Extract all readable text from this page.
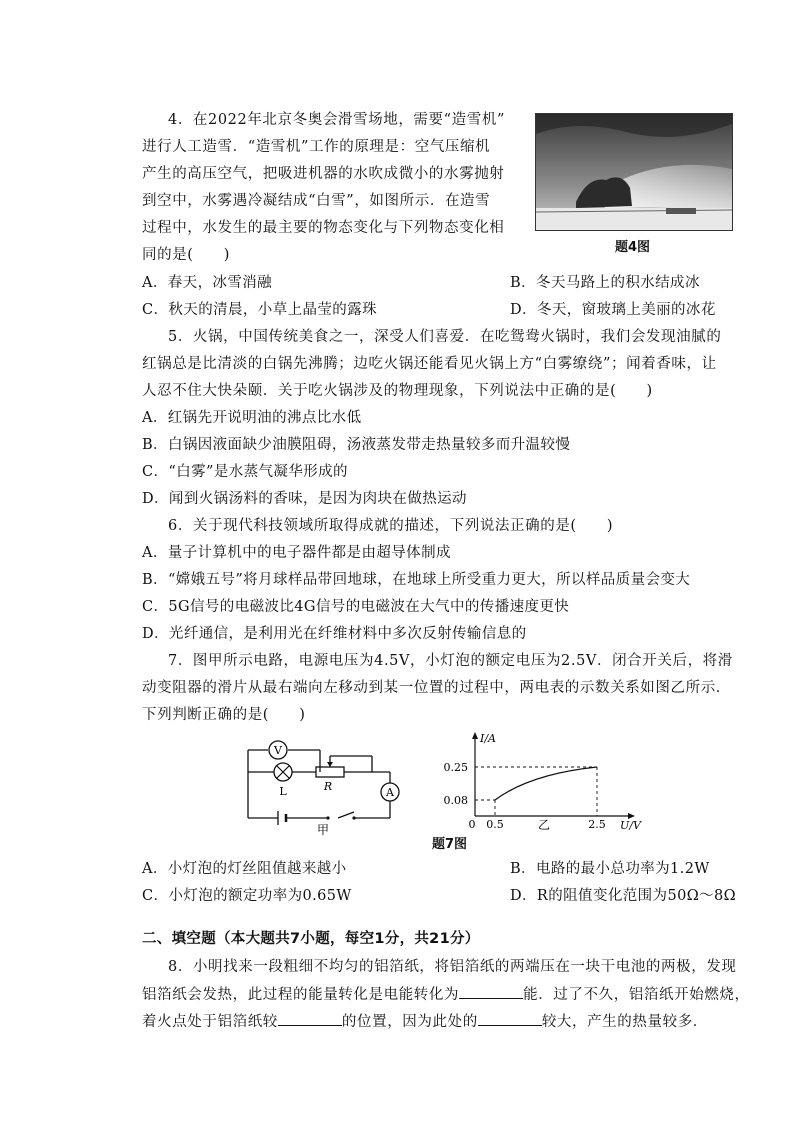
4．在2022年北京冬奥会滑雪场地，需要“造雪机”
进行人工造雪．“造雪机”工作的原理是：空气压缩机
产生的高压空气，把吸进机器的水吹成微小的水雾抛射
到空中，水雾遇冷凝结成“白雪”，如图所示．在造雪
过程中，水发生的最主要的物态变化与下列物态变化相
同的是(　　)	题4图
A．春天，冰雪消融	B．冬天马路上的积水结成冰
C．秋天的清晨，小草上晶莹的露珠	D．冬天，窗玻璃上美丽的冰花
5．火锅，中国传统美食之一，深受人们喜爱．在吃鸳鸯火锅时，我们会发现油腻的
红锅总是比清淡的白锅先沸腾；边吃火锅还能看见火锅上方“白雾缭绕”；闻着香味，让
人忍不住大快朵颐．关于吃火锅涉及的物理现象，下列说法中正确的是(　　)
A．红锅先开说明油的沸点比水低
B．白锅因液面缺少油膜阻碍，汤液蒸发带走热量较多而升温较慢
C．“白雾”是水蒸气凝华形成的
D．闻到火锅汤料的香味，是因为肉块在做热运动
6．关于现代科技领域所取得成就的描述，下列说法正确的是(　　)
A．量子计算机中的电子器件都是由超导体制成
B．“嫦娥五号”将月球样品带回地球，在地球上所受重力更大，所以样品质量会变大
C．5G信号的电磁波比4G信号的电磁波在大气中的传播速度更快
D．光纤通信，是利用光在纤维材料中多次反射传输信息的
7．图甲所示电路，电源电压为4.5V，小灯泡的额定电压为2.5V．闭合开关后，将滑
动变阻器的滑片从最右端向左移动到某一位置的过程中，两电表的示数关系如图乙所示．
下列判断正确的是(　　)
V
L	R	A
甲
I/A
0.25
0.08
0 0.5	2.5 U/V
乙
题7图
A．小灯泡的灯丝阻值越来越小	B．电路的最小总功率为1.2W
C．小灯泡的额定功率为0.65W	D．R的阻值变化范围为50Ω～8Ω
二、填空题（本大题共7小题，每空1分，共21分）
8．小明找来一段粗细不均匀的铝箔纸，将铝箔纸的两端压在一块干电池的两极，发现
铝箔纸会发热，此过程的能量转化是电能转化为	能．过了不久，铝箔纸开始燃烧，
着火点处于铝箔纸较	的位置，因为此处的	较大，产生的热量较多．
